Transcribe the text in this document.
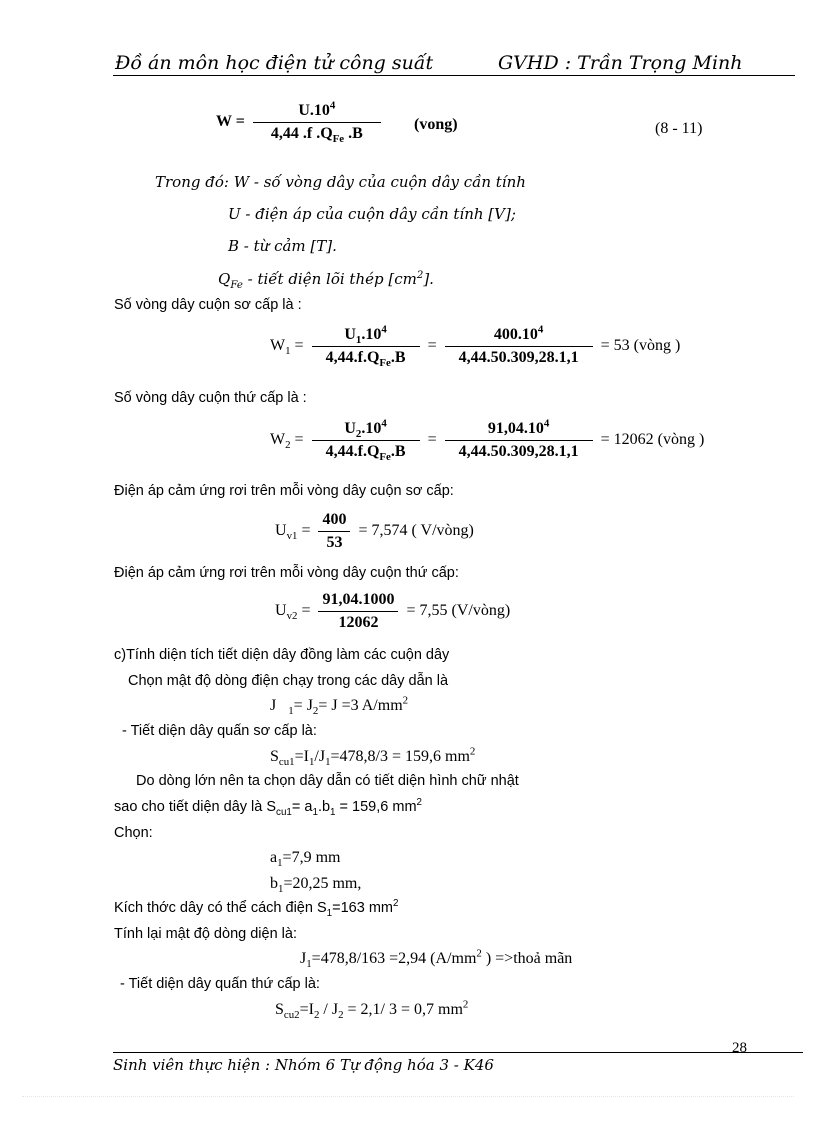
Đồ án môn học điện tử công suất	GVHD : Trần Trọng Minh
$W = \frac{U.10^4}{4,44 .f .Q_{Fe} .B}$ (vong)	(8 - 11)
Trong đó: W - số vòng dây của cuộn dây cần tính
U - điện áp của cuộn dây cần tính [V];
B - từ cảm [T].
$Q_{Fe}$ - tiết diện lõi thép $[cm^2]$.
Số vòng dây cuộn sơ cấp là :
$W_1 = \frac{U_1.10^4}{4,44.f.Q_{Fe}.B} = \frac{400.10^4}{4,44.50.309,28.1,1} = 53$ (vòng )
Số vòng dây cuộn thứ cấp là :
$W_2 = \frac{U_2.10^4}{4,44.f.Q_{Fe}.B} = \frac{91,04.10^4}{4,44.50.309,28.1,1} = 12062$ (vòng )
Điện áp cảm ứng rơi trên mỗi vòng dây cuộn sơ cấp:
$U_{v1} = \frac{400}{53} = 7,574$ ( V/vòng)
Điện áp cảm ứng rơi trên mỗi vòng dây cuộn thứ cấp:
$U_{v2} = \frac{91,04.1000}{12062} = 7,55$ (V/vòng)
c)Tính diện tích tiết diện dây đồng làm các cuộn dây
Chọn mật độ dòng điện chạy trong các dây dẫn là
J $_1= J_2= J =3$ $A/mm^2$
- Tiết diện dây quấn sơ cấp là:
$S_{cu1}=I_1/J_1=478,8/3 = 159,6$ $mm^2$
Do dòng lớn nên ta chọn dây dẫn có tiết diện hình chữ nhật
sao cho tiết diện dây là $S_{cu1}= a_1.b_1 = 159,6$ $mm^2$
Chọn:
$a_1=7,9$ mm
$b_1=20,25$ mm,
Kích thớc dây có thể cách điện $S_1=163$ $mm^2$
Tính lại mật độ dòng diện là:
$J_1=478,8/163 =2,94$ ($A/mm^2$ ) =>thoả mãn
- Tiết diện dây quấn thứ cấp là:
$S_{cu2}=I_2 / J_2 = 2,1/$ 3 = 0,7 $mm^2$
28
Sinh viên thực hiện : Nhóm 6 Tự động hóa 3 - K46
